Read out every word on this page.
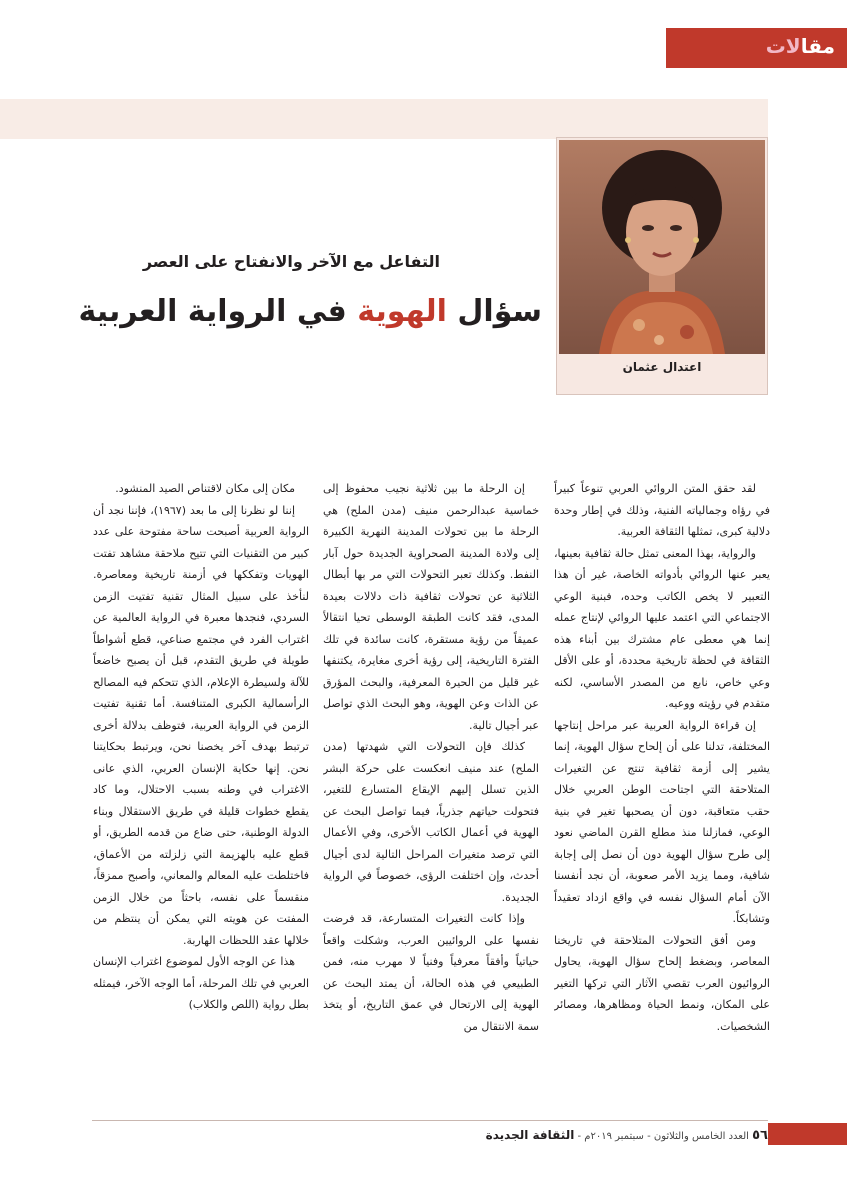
مقالات
اعتدال عثمان
التفاعل مع الآخر والانفتاح على العصر
سؤال الهوية في الرواية العربية

لقد حقق المتن الروائي العربي تنوعاً كبيراً في رؤاه وجمالياته الفنية، وذلك في إطار وحدة دلالية كبرى، تمثلها الثقافة العربية.

والرواية، بهذا المعنى تمثل حالة ثقافية بعينها، يعبر عنها الروائي بأدواته الخاصة، غير أن هذا التعبير لا يخص الكاتب وحده، فبنية الوعي الاجتماعي التي اعتمد عليها الروائي لإنتاج عمله إنما هي معطى عام مشترك بين أبناء هذه الثقافة في لحظة تاريخية محددة، أو على الأقل وعي خاص، نابع من المصدر الأساسي، لكنه متقدم في رؤيته ووعيه.

إن قراءة الرواية العربية عبر مراحل إنتاجها المختلفة، تدلنا على أن إلحاح سؤال الهوية، إنما يشير إلى أزمة ثقافية تنتج عن التغيرات المتلاحقة التي اجتاحت الوطن العربي خلال حقب متعاقبة، دون أن يصحبها تغير في بنية الوعي، فمازلنا منذ مطلع القرن الماضي نعود إلى طرح سؤال الهوية دون أن نصل إلى إجابة شافية، ومما يزيد الأمر صعوبة، أن نجد أنفسنا الآن أمام السؤال نفسه في واقع ازداد تعقيداً وتشابكاً.

ومن أفق التحولات المتلاحقة في تاريخنا المعاصر، وبضغط إلحاح سؤال الهوية، يحاول الروائيون العرب تقصي الآثار التي تركها التغير على المكان، ونمط الحياة ومظاهرها، ومصائر الشخصيات.

إن الرحلة ما بين ثلاثية نجيب محفوظ إلى خماسية عبدالرحمن منيف (مدن الملح) هي الرحلة ما بين تحولات المدينة النهرية الكبيرة إلى ولادة المدينة الصحراوية الجديدة حول آبار النفط. وكذلك تعبر التحولات التي مر بها أبطال الثلاثية عن تحولات ثقافية ذات دلالات بعيدة المدى، فقد كانت الطبقة الوسطى تحيا انتقالاً عميقاً من رؤية مستقرة، كانت سائدة في تلك الفترة التاريخية، إلى رؤية أخرى مغايرة، يكتنفها غير قليل من الحيرة المعرفية، والبحث المؤرق عن الذات وعن الهوية، وهو البحث الذي تواصل عبر أجيال تالية.

كذلك فإن التحولات التي شهدتها (مدن الملح) عند منيف انعكست على حركة البشر الذين تسلل إليهم الإيقاع المتسارع للتغير، فتحولت حياتهم جذرياً، فيما تواصل البحث عن الهوية في أعمال الكاتب الأخرى، وفي الأعمال التي ترصد متغيرات المراحل التالية لدى أجيال أحدث، وإن اختلفت الرؤى، خصوصاً في الرواية الجديدة.

وإذا كانت التغيرات المتسارعة، قد فرضت نفسها على الروائيين العرب، وشكلت واقعاً حياتياً وأفقاً معرفياً وفنياً لا مهرب منه، فمن الطبيعي في هذه الحالة، أن يمتد البحث عن الهوية إلى الارتحال في عمق التاريخ، أو يتخذ سمة الانتقال من

مكان إلى مكان لاقتناص الصيد المنشود.

إننا لو نظرنا إلى ما بعد (١٩٦٧)، فإننا نجد أن الرواية العربية أصبحت ساحة مفتوحة على عدد كبير من التقنيات التي تتيح ملاحقة مشاهد تفتت الهويات وتفككها في أزمنة تاريخية ومعاصرة. لنأخذ على سبيل المثال تقنية تفتيت الزمن السردي، فنجدها معبرة في الرواية العالمية عن اغتراب الفرد في مجتمع صناعي، قطع أشواطاً طويلة في طريق التقدم، قبل أن يصبح خاضعاً للآلة ولسيطرة الإعلام، الذي تتحكم فيه المصالح الرأسمالية الكبرى المتنافسة. أما تقنية تفتيت الزمن في الرواية العربية، فتوظف بدلالة أخرى ترتبط بهدف آخر يخصنا نحن، ويرتبط بحكايتنا نحن. إنها حكاية الإنسان العربي، الذي عانى الاغتراب في وطنه بسبب الاحتلال، وما كاد يقطع خطوات قليلة في طريق الاستقلال وبناء الدولة الوطنية، حتى ضاع من قدمه الطريق، أو قطع عليه بالهزيمة التي زلزلته من الأعماق، فاختلطت عليه المعالم والمعاني، وأصبح ممزقاً، منقسماً على نفسه، باحثاً من خلال الزمن المفتت عن هويته التي يمكن أن ينتظم من خلالها عقد اللحظات الهاربة.

هذا عن الوجه الأول لموضوع اغتراب الإنسان العربي في تلك المرحلة، أما الوجه الآخر، فيمثله بطل رواية (اللص والكلاب)

٥٦ العدد الخامس والثلاثون - سبتمبر ٢٠١٩م - الثقافة الجديدة
